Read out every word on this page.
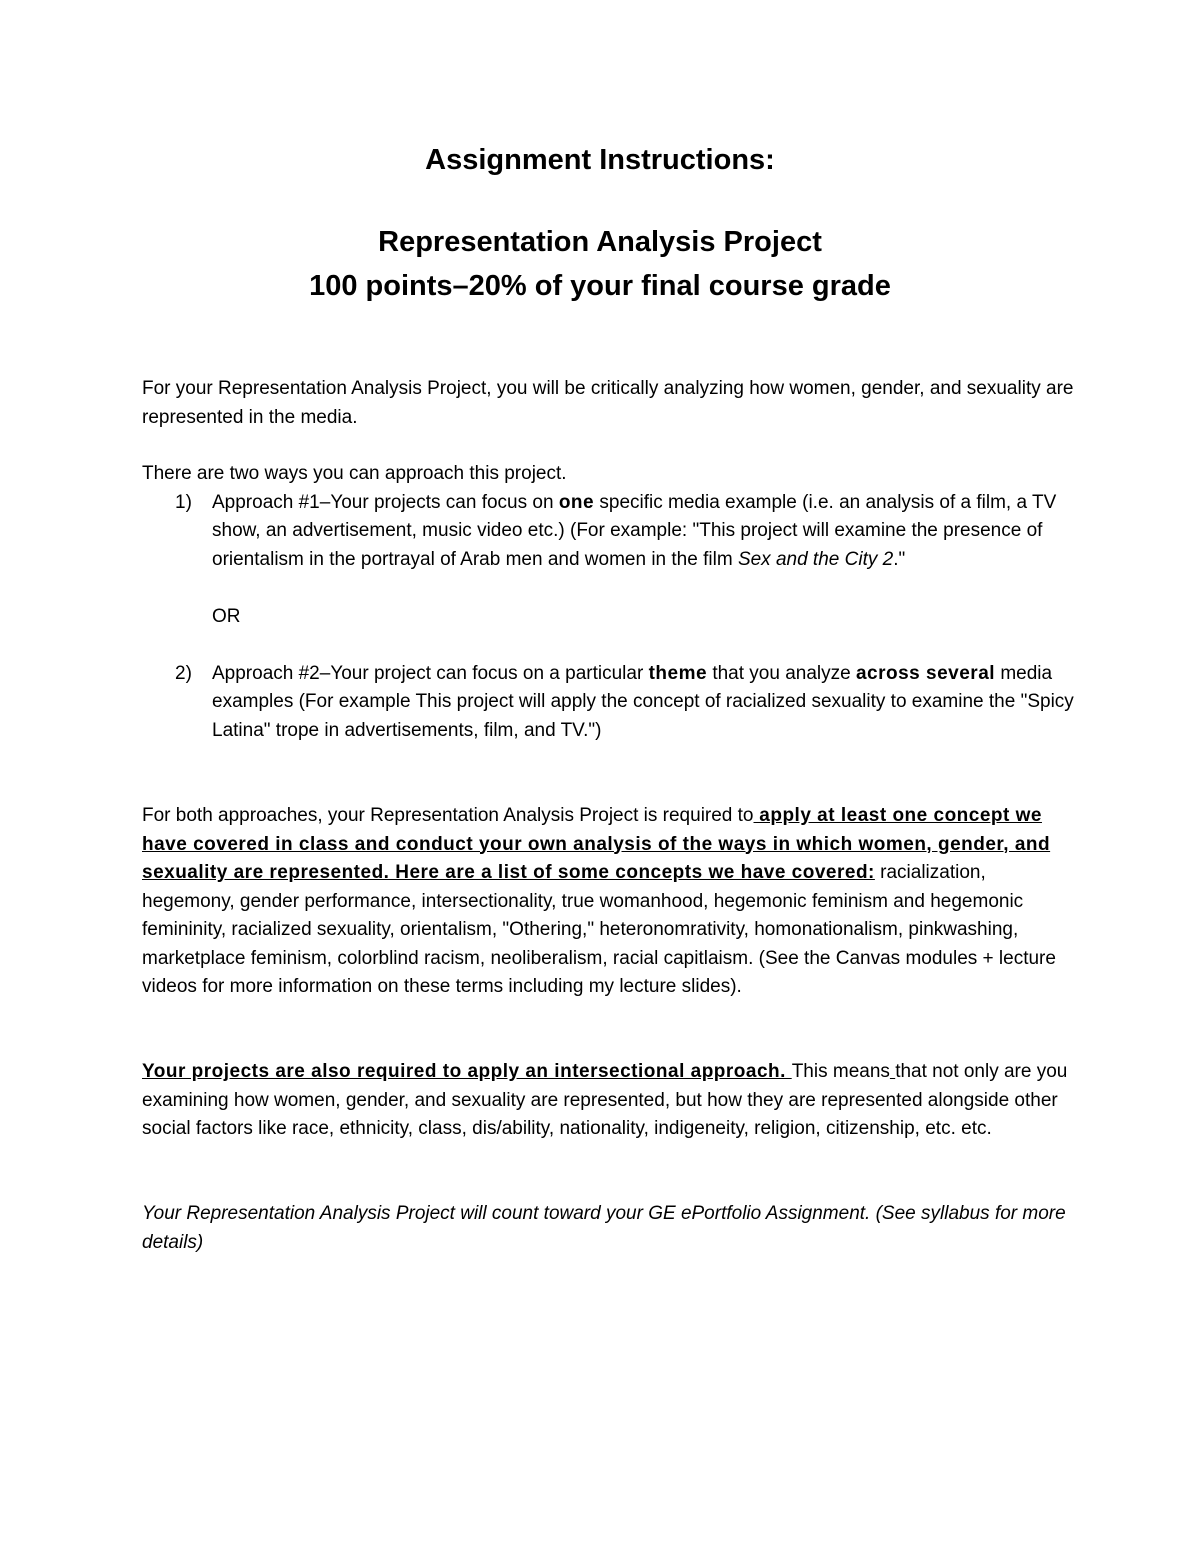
Assignment Instructions:
Representation Analysis Project
100 points–20% of your final course grade

For your Representation Analysis Project, you will be critically analyzing how women, gender, and sexuality are represented in the media.

There are two ways you can approach this project.

1) Approach #1–Your projects can focus on one specific media example (i.e. an analysis of a film, a TV show, an advertisement, music video etc.) (For example: "This project will examine the presence of orientalism in the portrayal of Arab men and women in the film Sex and the City 2."
OR
2) Approach #2–Your project can focus on a particular theme that you analyze across several media examples (For example This project will apply the concept of racialized sexuality to examine the "Spicy Latina" trope in advertisements, film, and TV.")

For both approaches, your Representation Analysis Project is required to apply at least one concept we have covered in class and conduct your own analysis of the ways in which women, gender, and sexuality are represented. Here are a list of some concepts we have covered: racialization, hegemony, gender performance, intersectionality, true womanhood, hegemonic feminism and hegemonic femininity, racialized sexuality, orientalism, "Othering," heteronomrativity, homonationalism, pinkwashing, marketplace feminism, colorblind racism, neoliberalism, racial capitlaism. (See the Canvas modules + lecture videos for more information on these terms including my lecture slides).

Your projects are also required to apply an intersectional approach. This means that not only are you examining how women, gender, and sexuality are represented, but how they are represented alongside other social factors like race, ethnicity, class, dis/ability, nationality, indigeneity, religion, citizenship, etc. etc.

Your Representation Analysis Project will count toward your GE ePortfolio Assignment. (See syllabus for more details)
